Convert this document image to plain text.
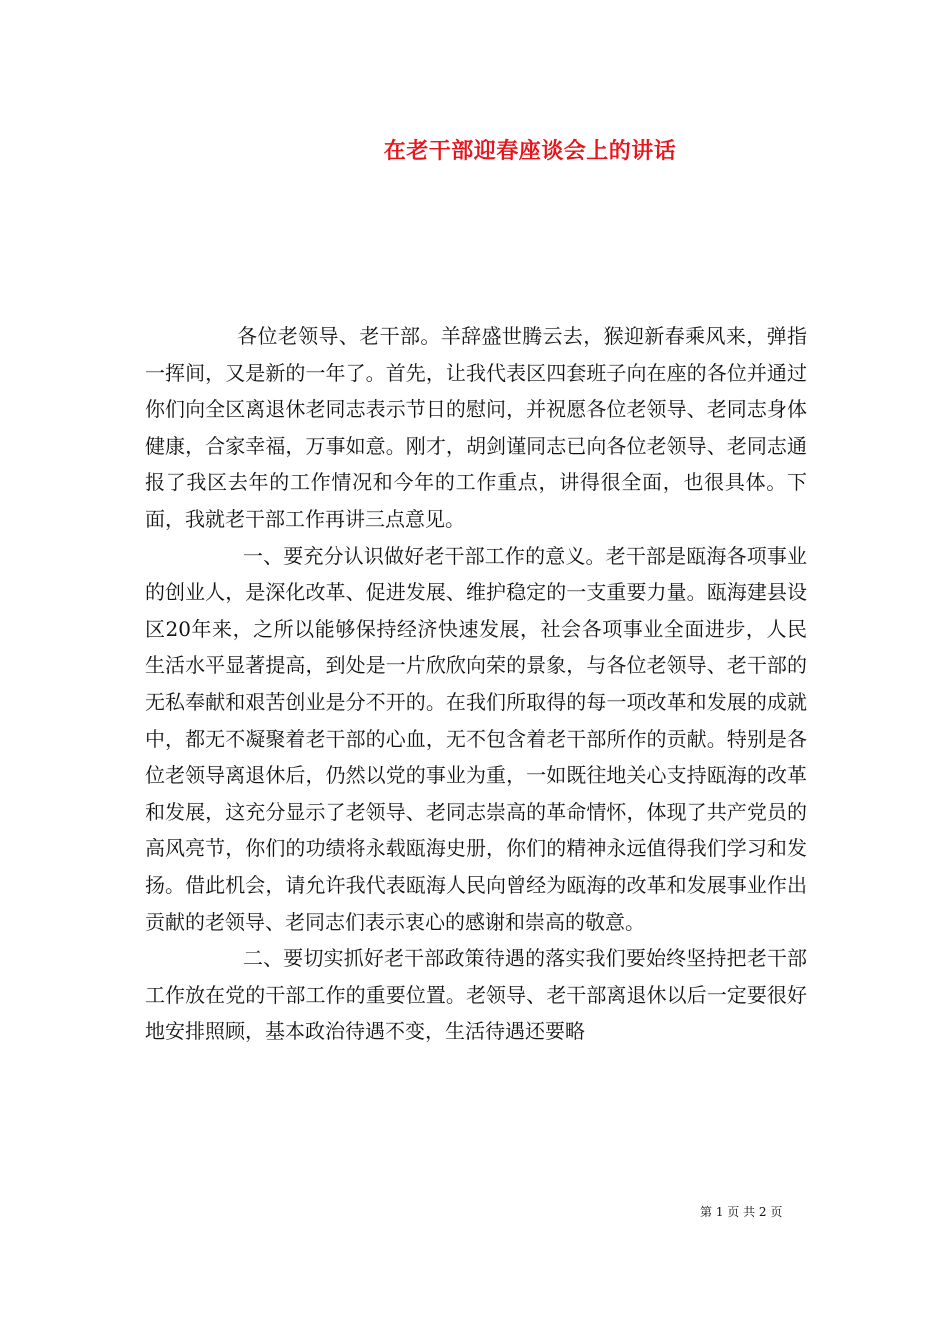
在老干部迎春座谈会上的讲话

各位老领导、老干部。羊辞盛世腾云去，猴迎新春乘风来，弹指一挥间，又是新的一年了。首先，让我代表区四套班子向在座的各位并通过你们向全区离退休老同志表示节日的慰问，并祝愿各位老领导、老同志身体健康，合家幸福，万事如意。刚才，胡剑谨同志已向各位老领导、老同志通报了我区去年的工作情况和今年的工作重点，讲得很全面，也很具体。下面，我就老干部工作再讲三点意见。

一、要充分认识做好老干部工作的意义。老干部是瓯海各项事业的创业人，是深化改革、促进发展、维护稳定的一支重要力量。瓯海建县设区20年来，之所以能够保持经济快速发展，社会各项事业全面进步，人民生活水平显著提高，到处是一片欣欣向荣的景象，与各位老领导、老干部的无私奉献和艰苦创业是分不开的。在我们所取得的每一项改革和发展的成就中，都无不凝聚着老干部的心血，无不包含着老干部所作的贡献。特别是各位老领导离退休后，仍然以党的事业为重，一如既往地关心支持瓯海的改革和发展，这充分显示了老领导、老同志崇高的革命情怀，体现了共产党员的高风亮节，你们的功绩将永载瓯海史册，你们的精神永远值得我们学习和发扬。借此机会，请允许我代表瓯海人民向曾经为瓯海的改革和发展事业作出贡献的老领导、老同志们表示衷心的感谢和崇高的敬意。

二、要切实抓好老干部政策待遇的落实我们要始终坚持把老干部工作放在党的干部工作的重要位置。老领导、老干部离退休以后一定要很好地安排照顾，基本政治待遇不变，生活待遇还要略

第 1 页 共 2 页
